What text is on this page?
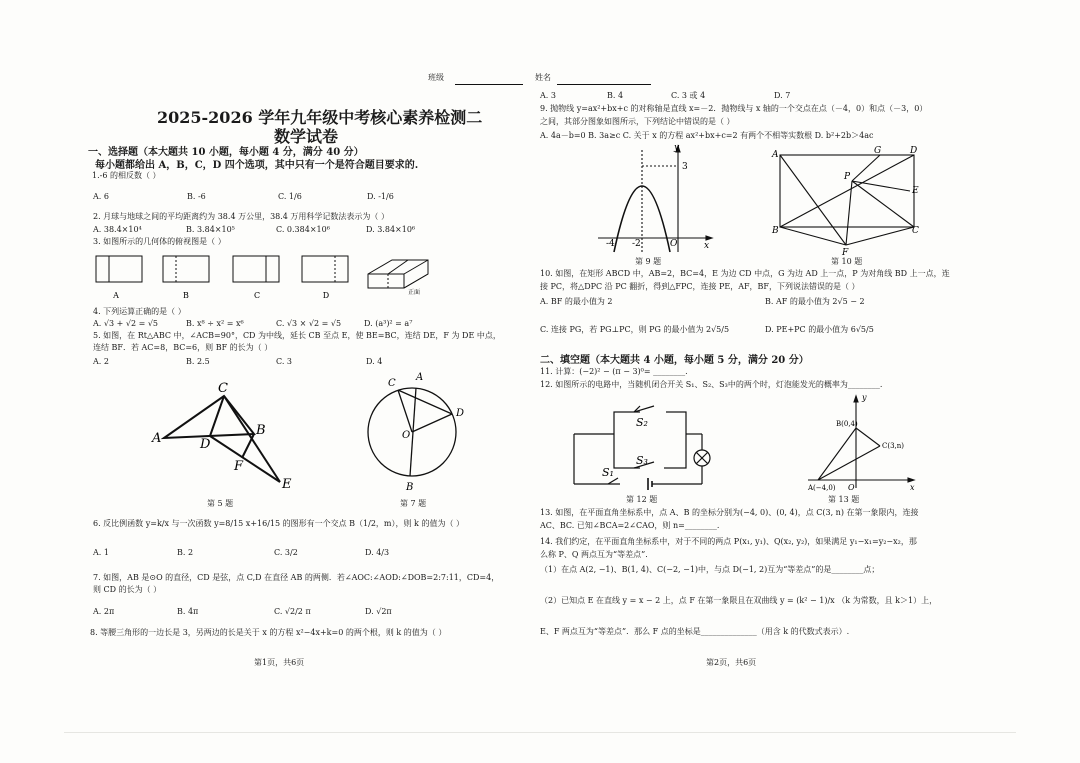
班级	姓名
2025-2026 学年九年级中考核心素养检测二
数学试卷
一、选择题（本大题共 10 小题，每小题 4 分，满分 40 分）
每小题都给出 A，B，C，D 四个选项，其中只有一个是符合题目要求的.
1.-6 的相反数（ ）
A. 6	B. -6	C. 1/6	D. -1/6
2. 月球与地球之间的平均距离约为 38.4 万公里，38.4 万用科学记数法表示为（ ）
A. 38.4×10⁴	B. 3.84×10⁵	C. 0.384×10⁶	D. 3.84×10⁶
3. 如图所示的几何体的俯视图是（ ）
A	B	C	D	正面
4. 下列运算正确的是（ ）
A. √3 + √2 = √5	B. x⁸ ÷ x² = x⁶	C. √3 × √2 = √5	D. (a³)² = a⁷
5. 如图，在 Rt△ABC 中，∠ACB=90°，CD 为中线，延长 CB 至点 E，使 BE=BC，连结 DE，F 为 DE 中点，
连结 BF．若 AC=8，BC=6，则 BF 的长为（ ）
A. 2	B. 2.5	C. 3	D. 4
A
C
B
D
F
E
C
A
D
O
B
第 5 题	第 7 题
6. 反比例函数 y=k/x 与一次函数 y=8/15 x+16/15 的图形有一个交点 B（1/2，m），则 k 的值为（ ）
A. 1	B. 2	C. 3/2	D. 4/3
7. 如图，AB 是⊙O 的直径，CD 是弦，点 C,D 在直径 AB 的两侧．若∠AOC:∠AOD:∠DOB=2:7:11，CD=4，
则 CD 的长为（ ）
A. 2π	B. 4π	C. √2/2 π	D. √2π
8. 等腰三角形的一边长是 3，另两边的长是关于 x 的方程 x²−4x+k=0 的两个根，则 k 的值为（ ）
第1页，共6页
A. 3	B. 4	C. 3 或 4	D. 7
9. 抛物线 y=ax²+bx+c 的对称轴是直线 x=－2．抛物线与 x 轴的一个交点在点（－4，0）和点（－3，0）
之间，其部分图象如图所示，下列结论中错误的是（ ）
A. 4a－b=0 B. 3a≥c C. 关于 x 的方程 ax²+bx+c=2 有两个不相等实数根 D. b²+2b＞4ac
y
3
-4 -2	O	x
A	G	D
P
E
B	C
F
第 9 题	第 10 题
10. 如图，在矩形 ABCD 中，AB=2，BC=4，E 为边 CD 中点，G 为边 AD 上一点，P 为对角线 BD 上一点，连
接 PC，将△DPC 沿 PC 翻折，得到△FPC，连接 PE，AF，BF，下列说法错误的是（ ）
A. BF 的最小值为 2	B. AF 的最小值为 2√5 − 2
C. 连接 PG，若 PG⊥PC，则 PG 的最小值为 2√5/5	D. PE+PC 的最小值为 6√5/5
二、填空题（本大题共 4 小题，每小题 5 分，满分 20 分）
11. 计算：(−2)² − (π − 3)⁰= ________.
12. 如图所示的电路中，当随机闭合开关 S₁、S₂、S₃中的两个时，灯泡能发光的概率为________.
S₂
S₃
S₁
y
B(0,4)
C(3,n)
A(−4,0) O	x
第 12 题	第 13 题
13. 如图，在平面直角坐标系中，点 A、B 的坐标分别为(−4, 0)、(0, 4)，点 C(3, n) 在第一象限内，连接
AC、BC. 已知∠BCA=2∠CAO，则 n=________.
14. 我们约定，在平面直角坐标系中，对于不同的两点 P(x₁, y₁)、Q(x₂, y₂)，如果满足 y₁−x₁=y₂−x₂，那
么称 P、Q 两点互为“等差点”．
（1）在点 A(2, −1)、B(1, 4)、C(−2, −1)中，与点 D(−1, 2)互为“等差点”的是________点；
（2）已知点 E 在直线 y = x − 2 上，点 F 在第一象限且在双曲线 y = (k² − 1)/x （k 为常数，且 k＞1）上，
E、F 两点互为“等差点”．那么 F 点的坐标是______________（用含 k 的代数式表示）.
第2页，共6页
